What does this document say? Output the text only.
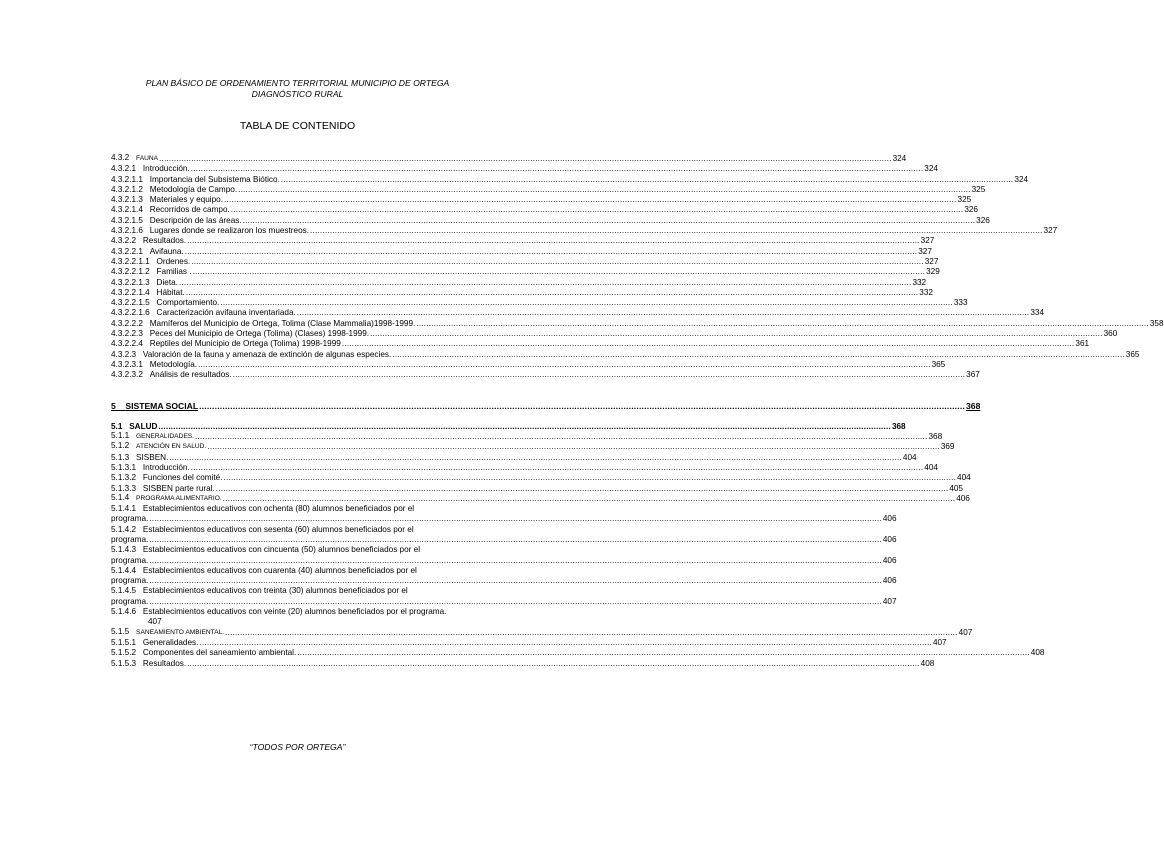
PLAN BÁSICO DE ORDENAMIENTO TERRITORIAL MUNICIPIO DE ORTEGA
DIAGNÓSTICO RURAL
TABLA DE CONTENIDO
4.3.2 FAUNA .....	324
4.3.2.1 Introducción. .....	324
4.3.2.1.1 Importancia del Subsistema Biótico. .....	324
4.3.2.1.2 Metodología de Campo. .....	325
4.3.2.1.3 Materiales y equipo. .....	325
4.3.2.1.4 Recorridos de campo. .....	326
4.3.2.1.5 Descripción de las áreas. .....	326
4.3.2.1.6 Lugares donde se realizaron los muestreos. .....	327
4.3.2.2 Resultados. .....	327
4.3.2.2.1 Avifauna. .....	327
4.3.2.2.1.1 Ordenes. .....	327
4.3.2.2.1.2 Familias . .....	329
4.3.2.2.1.3 Dieta. .....	332
4.3.2.2.1.4 Hábitat. .....	332
4.3.2.2.1.5 Comportamiento. .....	333
4.3.2.2.1.6 Caracterización avifauna inventariada. .....	334
4.3.2.2.2 Mamíferos del Municipio de Ortega, Tolima (Clase Mammalia)1998-1999. .....	358
4.3.2.2.3 Peces del Municipio de Ortega (Tolima) (Clases) 1998-1999. .....	360
4.3.2.2.4 Reptiles del Municipio de Ortega (Tolima) 1998-1999 .....	361
4.3.2.3 Valoración de la fauna y amenaza de extinción de algunas especies. .....	365
4.3.2.3.1 Metodología. .....	365
4.3.2.3.2 Análisis de resultados. .....	367
5 SISTEMA SOCIAL .....	368
5.1 SALUD .....	368
5.1.1 GENERALIDADES. .....	368
5.1.2 ATENCIÓN EN SALUD. .....	369
5.1.3 SISBEN. .....	404
5.1.3.1 Introducción. .....	404
5.1.3.2 Funciones del comité. .....	404
5.1.3.3 SISBEN parte rural. .....	405
5.1.4 PROGRAMA ALIMENTARIO. .....	406
5.1.4.1 Establecimientos educativos con ochenta (80) alumnos beneficiados por el
programa. .....	406
5.1.4.2 Establecimientos educativos con sesenta (60) alumnos beneficiados por el
programa. .....	406
5.1.4.3 Establecimientos educativos con cincuenta (50) alumnos beneficiados por el
programa. .....	406
5.1.4.4 Establecimientos educativos con cuarenta (40) alumnos beneficiados por el
programa. .....	406
5.1.4.5 Establecimientos educativos con treinta (30) alumnos beneficiados por el
programa. .....	407
5.1.4.6 Establecimientos educativos con veinte (20) alumnos beneficiados por el programa.
407
5.1.5 SANEAMIENTO AMBIENTAL. .....	407
5.1.5.1 Generalidades. .....	407
5.1.5.2 Componentes del saneamiento ambiental. .....	408
5.1.5.3 Resultados. .....	408
“TODOS POR ORTEGA”
